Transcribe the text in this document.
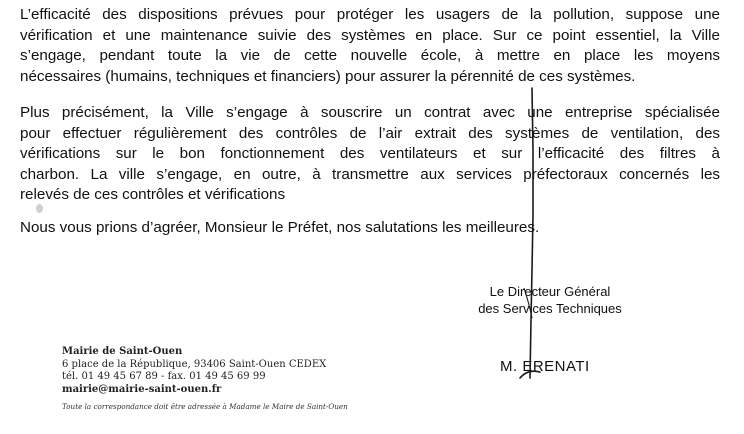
L’efficacité des dispositions prévues pour protéger les usagers de la pollution, suppose une
vérification et une maintenance suivie des systèmes en place. Sur ce point essentiel, la Ville
s’engage, pendant toute la vie de cette nouvelle école, à mettre en place les moyens
nécessaires (humains, techniques et financiers) pour assurer la pérennité de ces systèmes.
Plus précisément, la Ville s’engage à souscrire un contrat avec une entreprise spécialisée
pour effectuer régulièrement des contrôles de l’air extrait des systèmes de ventilation, des
vérifications sur le bon fonctionnement des ventilateurs et sur l’efficacité des filtres à
charbon. La ville s’engage, en outre, à transmettre aux services préfectoraux concernés les
relevés de ces contrôles et vérifications
Nous vous prions d’agréer, Monsieur le Préfet, nos salutations les meilleures.
Le Directeur Général
des Services Techniques
M. ERENATI
Mairie de Saint-Ouen
6 place de la République, 93406 Saint-Ouen CEDEX
tél. 01 49 45 67 89 - fax. 01 49 45 69 99
mairie@mairie-saint-ouen.fr
Toute la correspondance doit être adressée à Madame le Maire de Saint-Ouen
